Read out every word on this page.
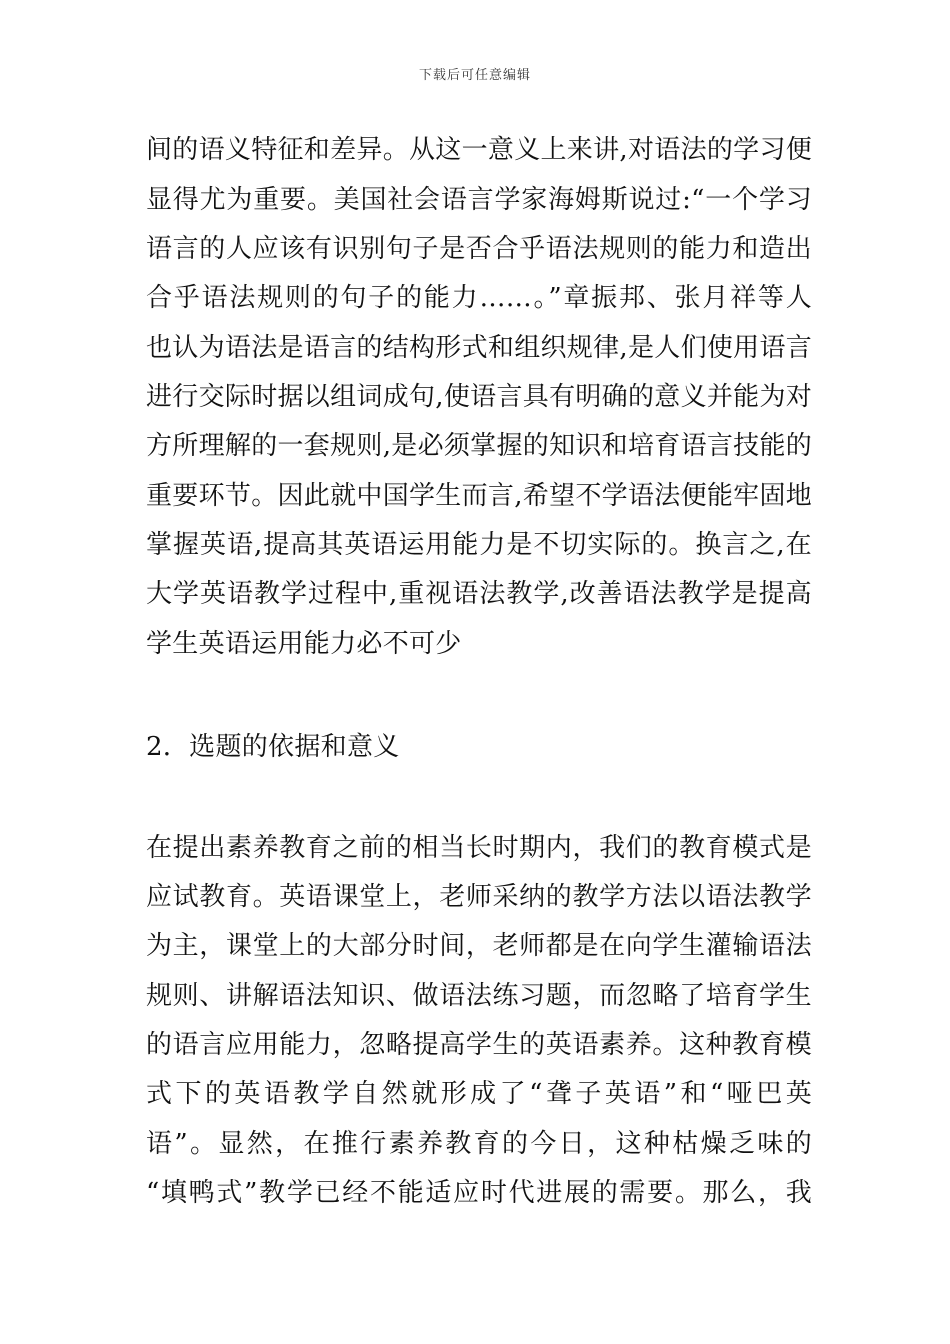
下载后可任意编辑
间的语义特征和差异。从这一意义上来讲,对语法的学习便
显得尤为重要。美国社会语言学家海姆斯说过:“一个学习
语言的人应该有识别句子是否合乎语法规则的能力和造出
合乎语法规则的句子的能力……。”章振邦、张月祥等人
也认为语法是语言的结构形式和组织规律,是人们使用语言
进行交际时据以组词成句,使语言具有明确的意义并能为对
方所理解的一套规则,是必须掌握的知识和培育语言技能的
重要环节。因此就中国学生而言,希望不学语法便能牢固地
掌握英语,提高其英语运用能力是不切实际的。换言之,在
大学英语教学过程中,重视语法教学,改善语法教学是提高
学生英语运用能力必不可少
2．选题的依据和意义
在提出素养教育之前的相当长时期内，我们的教育模式是
应试教育。英语课堂上，老师采纳的教学方法以语法教学
为主，课堂上的大部分时间，老师都是在向学生灌输语法
规则、讲解语法知识、做语法练习题，而忽略了培育学生
的语言应用能力，忽略提高学生的英语素养。这种教育模
式下的英语教学自然就形成了“聋子英语”和“哑巴英
语”。显然，在推行素养教育的今日，这种枯燥乏味的
“填鸭式”教学已经不能适应时代进展的需要。那么，我
